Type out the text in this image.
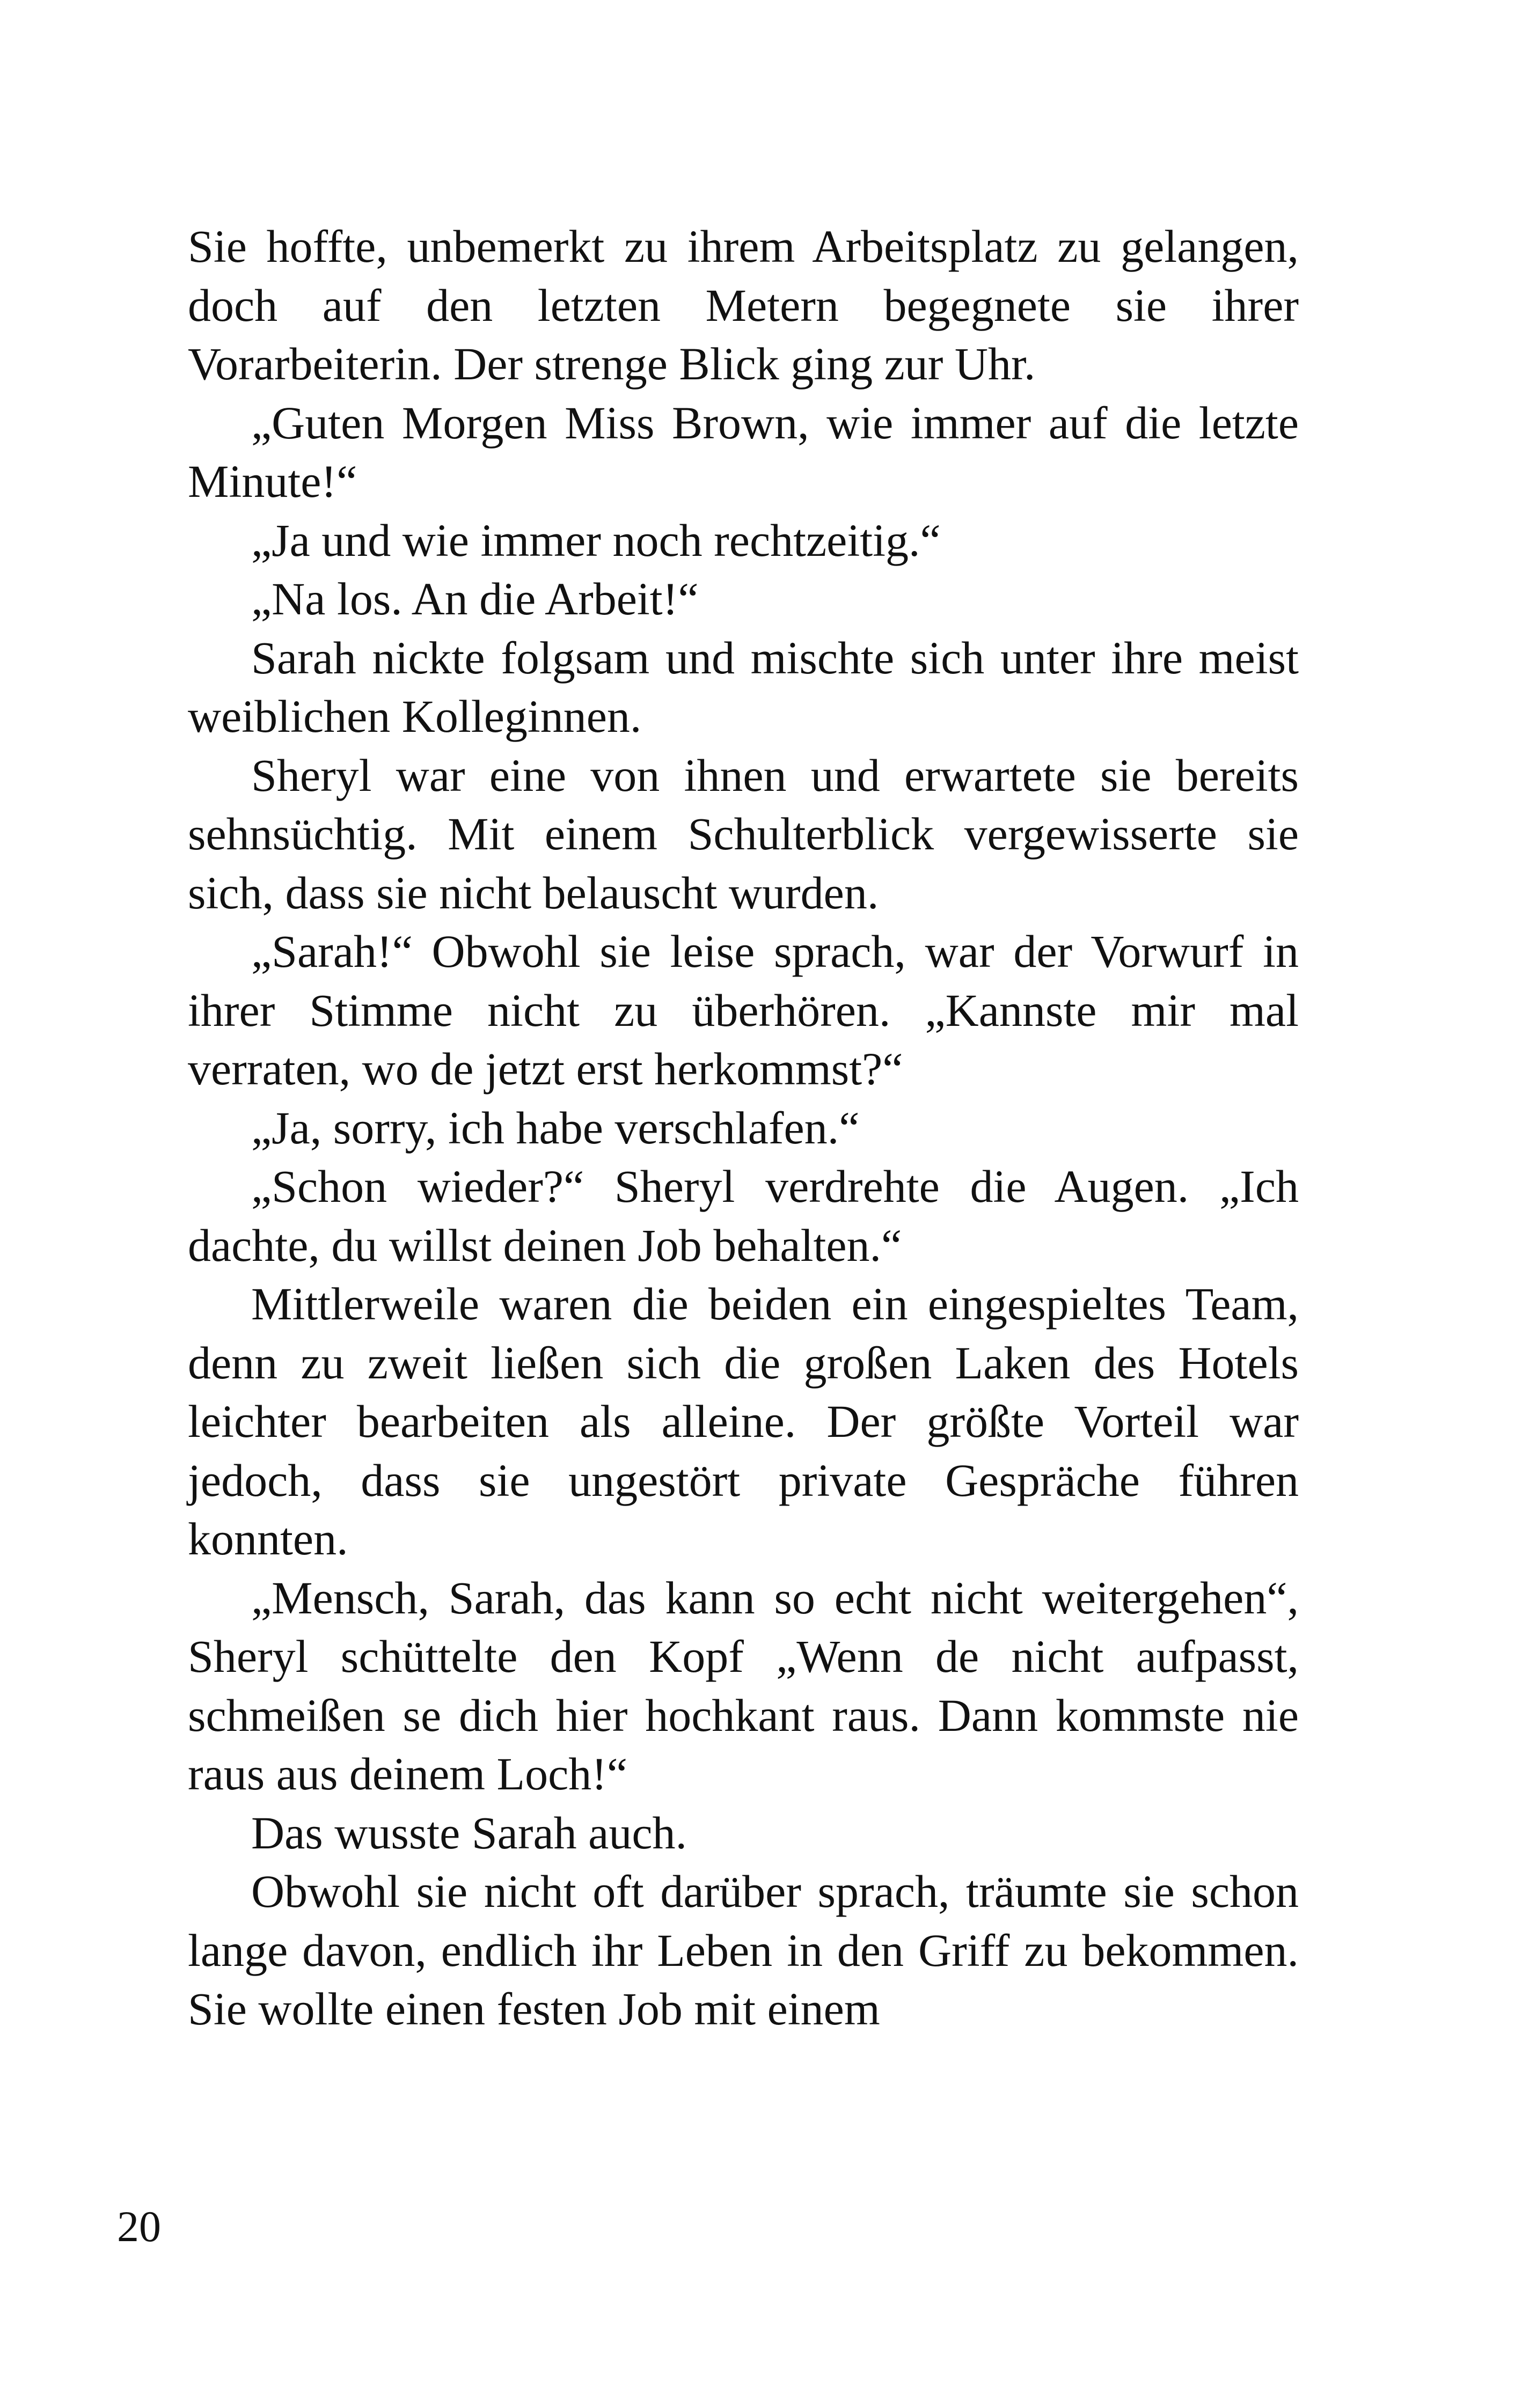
Sie hoffte, unbemerkt zu ihrem Arbeitsplatz zu gelangen, doch auf den letzten Metern begegnete sie ihrer Vorarbeiterin. Der strenge Blick ging zur Uhr.

„Guten Morgen Miss Brown, wie immer auf die letzte Minute!“

„Ja und wie immer noch rechtzeitig.“

„Na los. An die Arbeit!“

Sarah nickte folgsam und mischte sich unter ihre meist weiblichen Kolleginnen.

Sheryl war eine von ihnen und erwartete sie bereits sehnsüchtig. Mit einem Schulterblick vergewisserte sie sich, dass sie nicht belauscht wurden.

„Sarah!“ Obwohl sie leise sprach, war der Vorwurf in ihrer Stimme nicht zu überhören. „Kannste mir mal verraten, wo de jetzt erst herkommst?“

„Ja, sorry, ich habe verschlafen.“

„Schon wieder?“ Sheryl verdrehte die Augen. „Ich dachte, du willst deinen Job behalten.“

Mittlerweile waren die beiden ein eingespieltes Team, denn zu zweit ließen sich die großen Laken des Hotels leichter bearbeiten als alleine. Der größte Vorteil war jedoch, dass sie ungestört private Gespräche führen konnten.

„Mensch, Sarah, das kann so echt nicht weitergehen“, Sheryl schüttelte den Kopf „Wenn de nicht aufpasst, schmeißen se dich hier hochkant raus. Dann kommste nie raus aus deinem Loch!“

Das wusste Sarah auch.

Obwohl sie nicht oft darüber sprach, träumte sie schon lange davon, endlich ihr Leben in den Griff zu bekommen. Sie wollte einen festen Job mit einem

20
